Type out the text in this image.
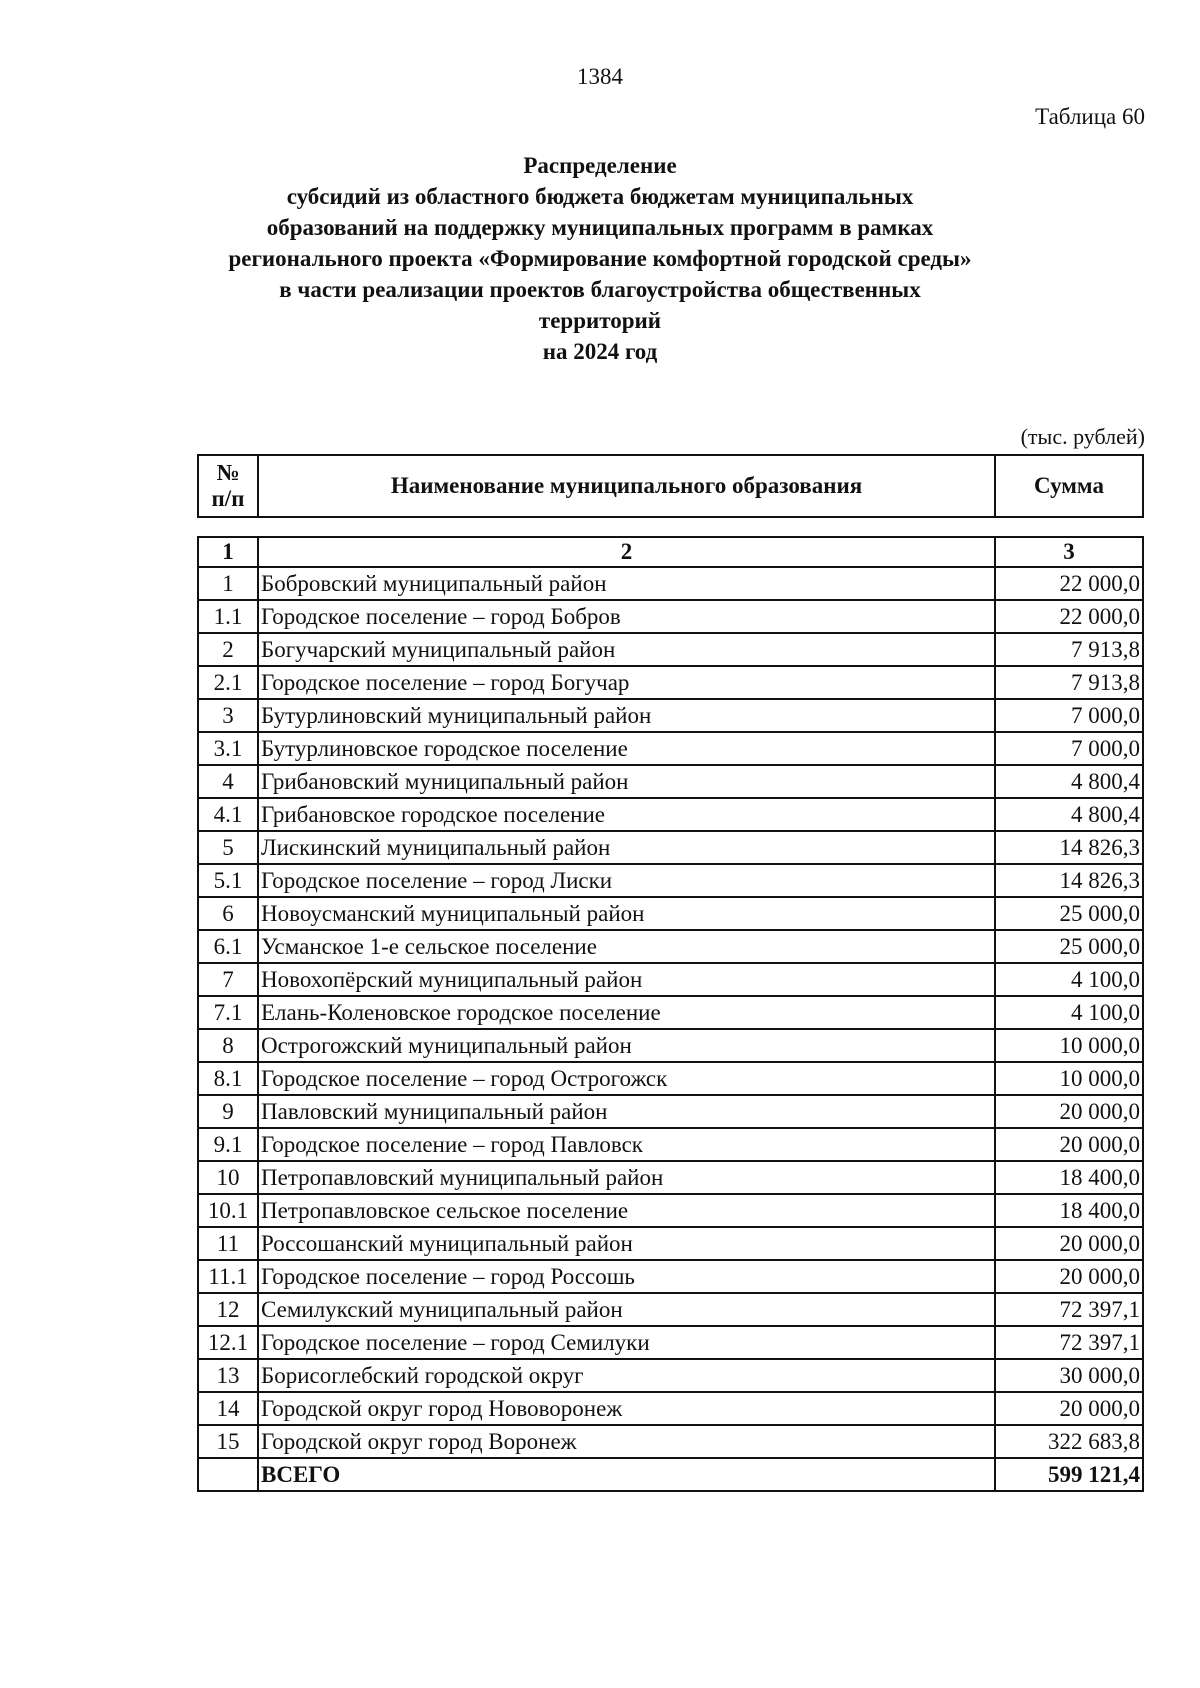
1384
Таблица 60
Распределение
субсидий из областного бюджета бюджетам муниципальных
образований на поддержку муниципальных программ в рамках
регионального проекта «Формирование комфортной городской среды»
в части реализации проектов благоустройства общественных
территорий
на 2024 год
(тыс. рублей)
№
п/п	Наименование муниципального образования	Сумма
1	2	3
1	Бобровский муниципальный район	22 000,0
1.1	Городское поселение – город Бобров	22 000,0
2	Богучарский муниципальный район	7 913,8
2.1	Городское поселение – город Богучар	7 913,8
3	Бутурлиновский муниципальный район	7 000,0
3.1	Бутурлиновское городское поселение	7 000,0
4	Грибановский муниципальный район	4 800,4
4.1	Грибановское городское поселение	4 800,4
5	Лискинский муниципальный район	14 826,3
5.1	Городское поселение – город Лиски	14 826,3
6	Новоусманский муниципальный район	25 000,0
6.1	Усманское 1-е сельское поселение	25 000,0
7	Новохопёрский муниципальный район	4 100,0
7.1	Елань-Коленовское городское поселение	4 100,0
8	Острогожский муниципальный район	10 000,0
8.1	Городское поселение – город Острогожск	10 000,0
9	Павловский муниципальный район	20 000,0
9.1	Городское поселение – город Павловск	20 000,0
10	Петропавловский муниципальный район	18 400,0
10.1	Петропавловское сельское поселение	18 400,0
11	Россошанский муниципальный район	20 000,0
11.1	Городское поселение – город Россошь	20 000,0
12	Семилукский муниципальный район	72 397,1
12.1	Городское поселение – город Семилуки	72 397,1
13	Борисоглебский городской округ	30 000,0
14	Городской округ город Нововоронеж	20 000,0
15	Городской округ город Воронеж	322 683,8
	ВСЕГО	599 121,4
